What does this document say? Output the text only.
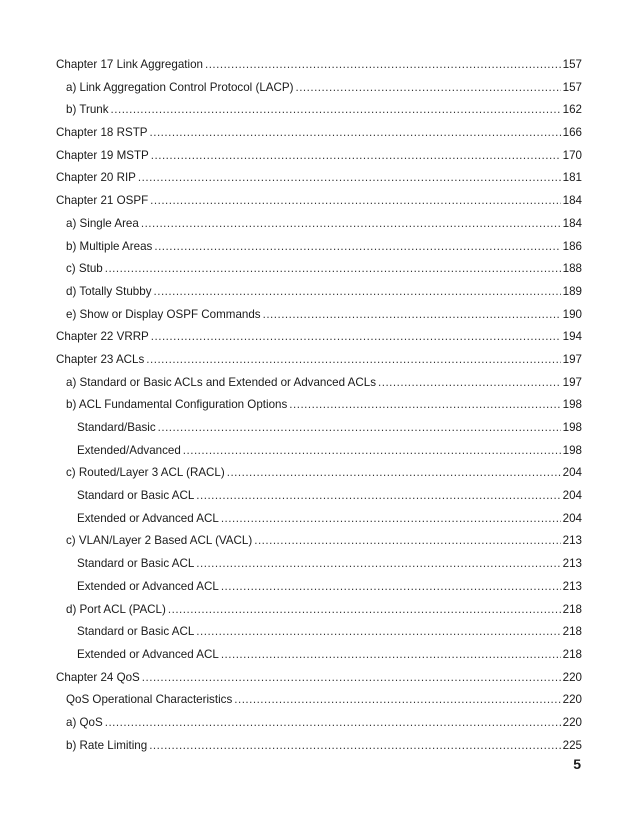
Chapter 17 Link Aggregation .....	157
a) Link Aggregation Control Protocol (LACP) .....	157
b) Trunk .....	162
Chapter 18 RSTP .....	166
Chapter 19 MSTP .....	170
Chapter 20 RIP .....	181
Chapter 21 OSPF .....	184
a) Single Area .....	184
b) Multiple Areas .....	186
c) Stub .....	188
d) Totally Stubby .....	189
e) Show or Display OSPF Commands .....	190
Chapter 22 VRRP .....	194
Chapter 23 ACLs .....	197
a) Standard or Basic ACLs and Extended or Advanced ACLs .....	197
b) ACL Fundamental Configuration Options .....	198
Standard/Basic .....	198
Extended/Advanced .....	198
c) Routed/Layer 3 ACL (RACL) .....	204
Standard or Basic ACL .....	204
Extended or Advanced ACL .....	204
c) VLAN/Layer 2 Based ACL (VACL) .....	213
Standard or Basic ACL .....	213
Extended or Advanced ACL .....	213
d) Port ACL (PACL) .....	218
Standard or Basic ACL .....	218
Extended or Advanced ACL .....	218
Chapter 24 QoS .....	220
QoS Operational Characteristics .....	220
a) QoS .....	220
b) Rate Limiting .....	225
5
